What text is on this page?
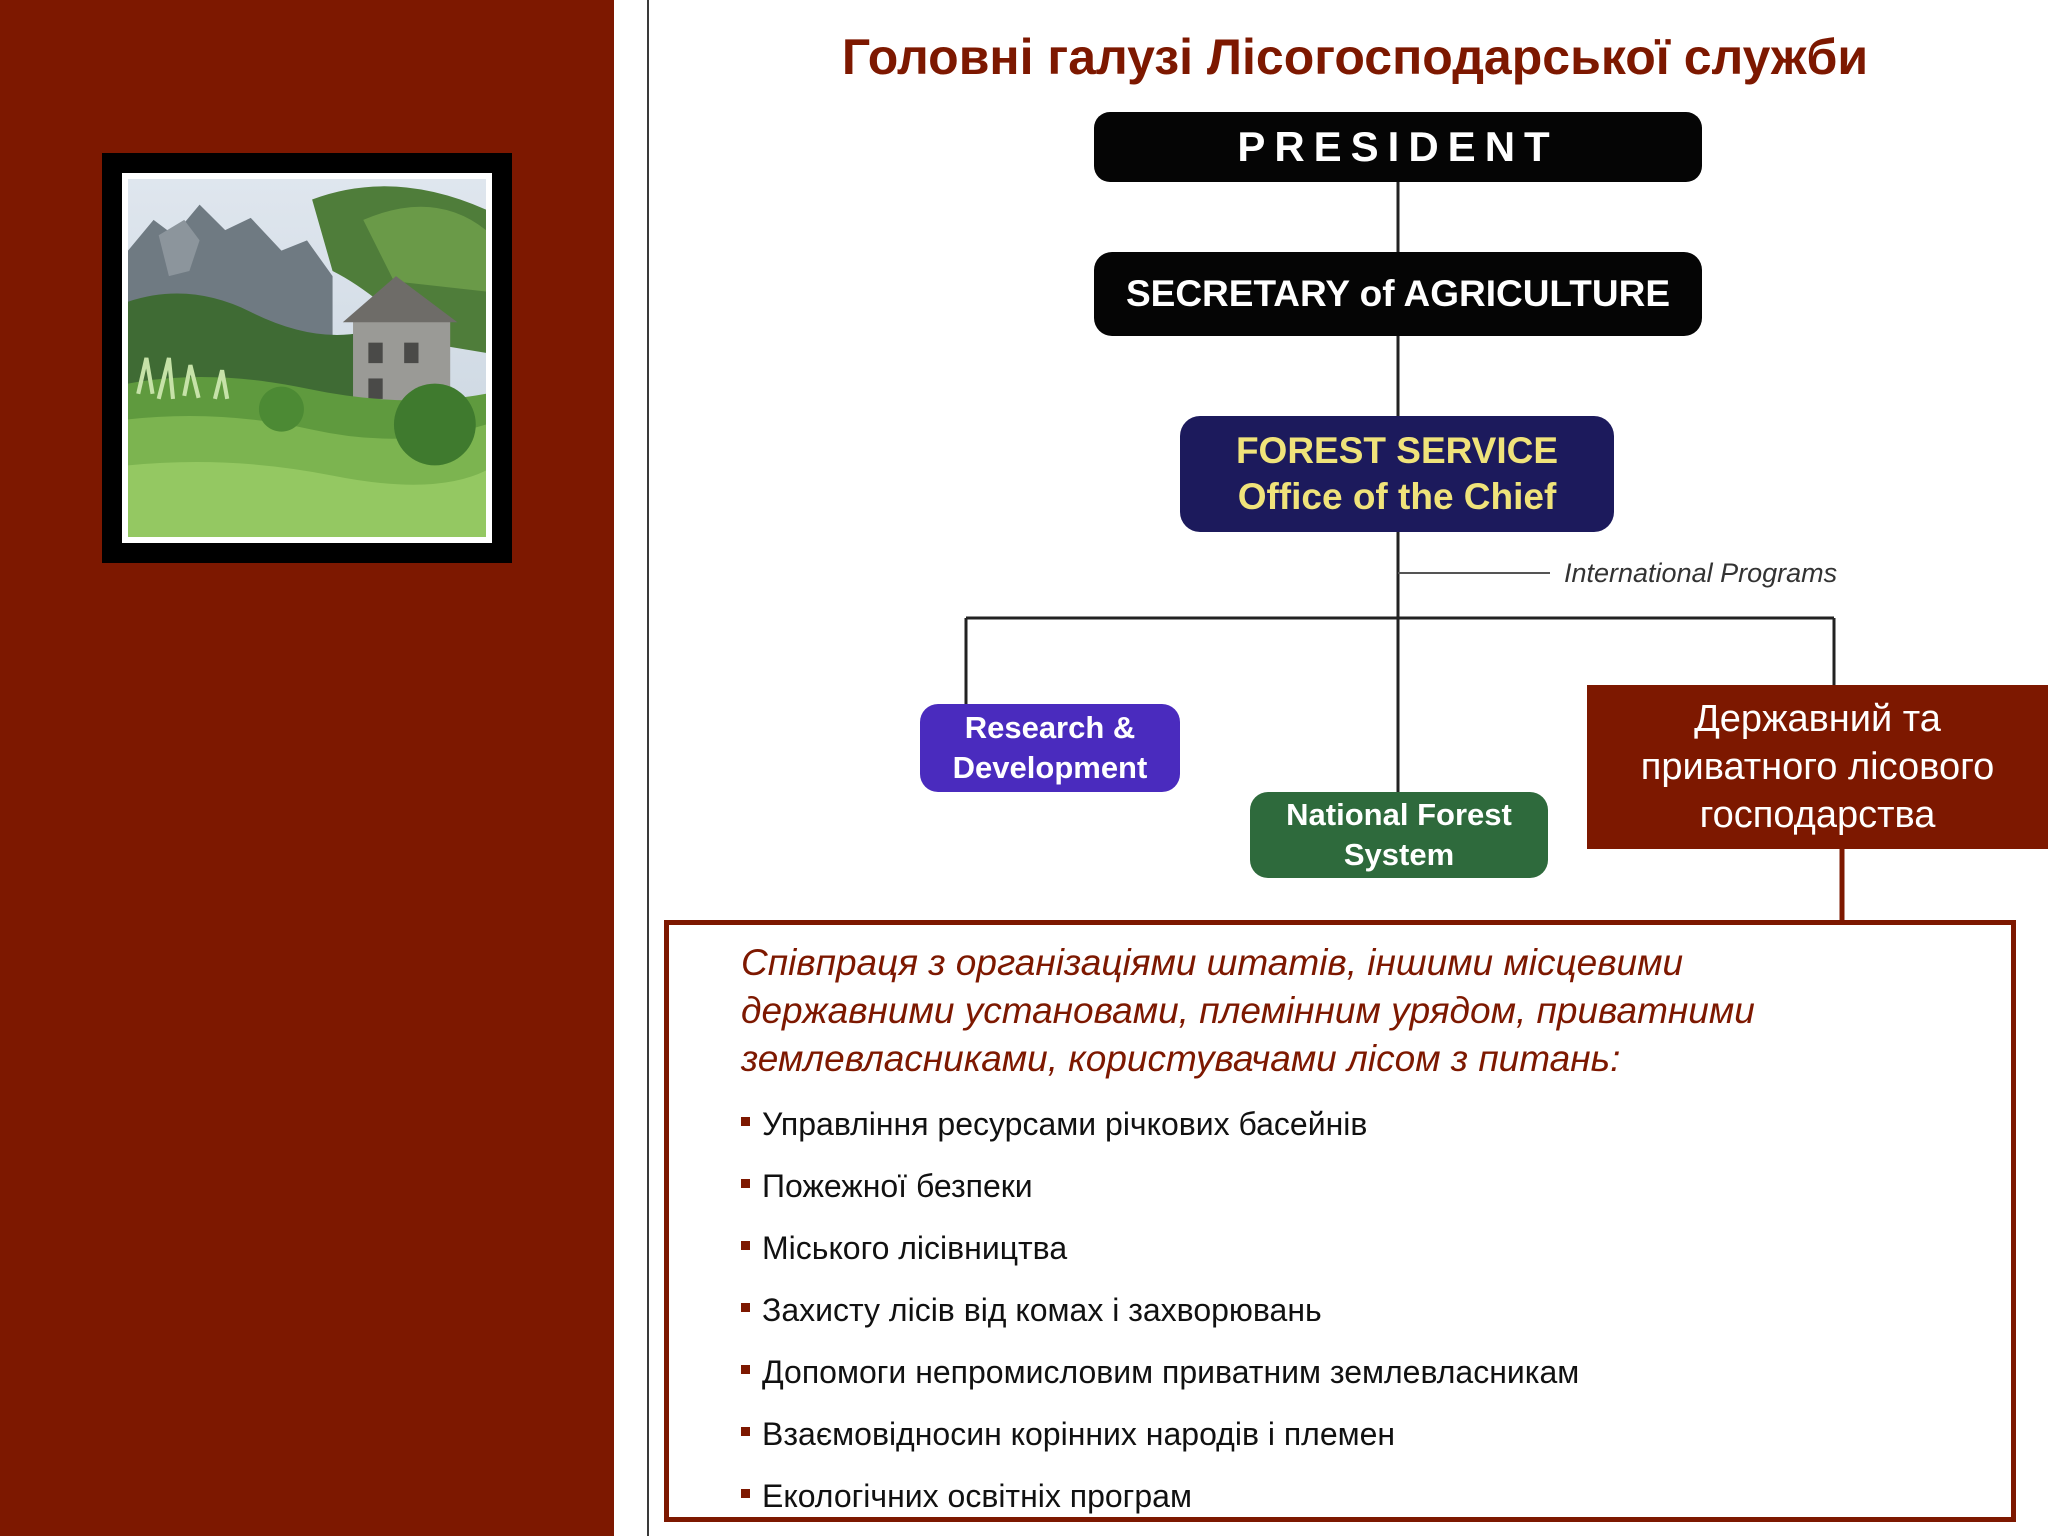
Головні галузі Лісогосподарської служби
PRESIDENT
SECRETARY of AGRICULTURE
FOREST SERVICE
Office of the Chief
International Programs
Research &
Development
National Forest
System
Державний та
приватного лісового
господарства
Співпраця з організаціями штатів, іншими місцевими
державними установами, племінним урядом, приватними
землевласниками, користувачами лісом з питань:
Управління ресурсами річкових басейнів
Пожежної безпеки
Міського лісівництва
Захисту лісів від комах і захворювань
Допомоги непромисловим приватним землевласникам
Взаємовідносин корінних народів і племен
Екологічних освітніх програм
